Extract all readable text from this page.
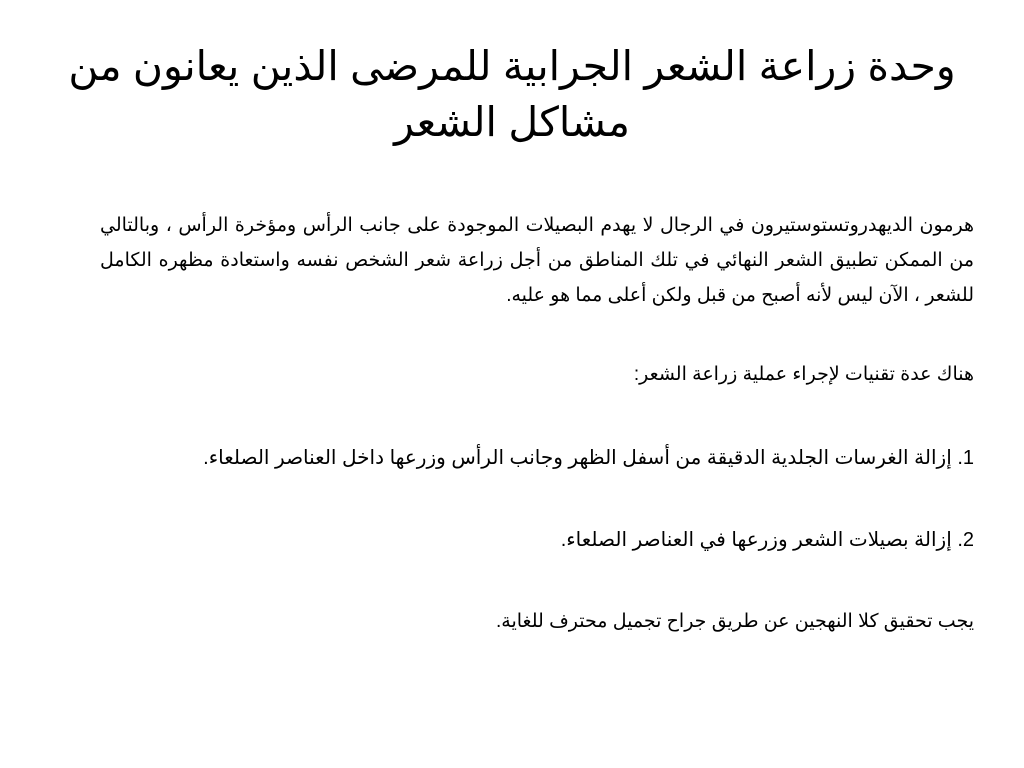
وحدة زراعة الشعر الجرابية للمرضى الذين يعانون من مشاكل الشعر

هرمون الديهدروتستوستيرون في الرجال لا يهدم البصيلات الموجودة على جانب الرأس ومؤخرة الرأس ، وبالتالي من الممكن تطبيق الشعر النهائي في تلك المناطق من أجل زراعة شعر الشخص نفسه واستعادة مظهره الكامل للشعر ، الآن ليس لأنه أصبح من قبل ولكن أعلى مما هو عليه.

هناك عدة تقنيات لإجراء عملية زراعة الشعر:

1. إزالة الغرسات الجلدية الدقيقة من أسفل الظهر وجانب الرأس وزرعها داخل العناصر الصلعاء.

2. إزالة بصيلات الشعر وزرعها في العناصر الصلعاء.

يجب تحقيق كلا النهجين عن طريق جراح تجميل محترف للغاية.
